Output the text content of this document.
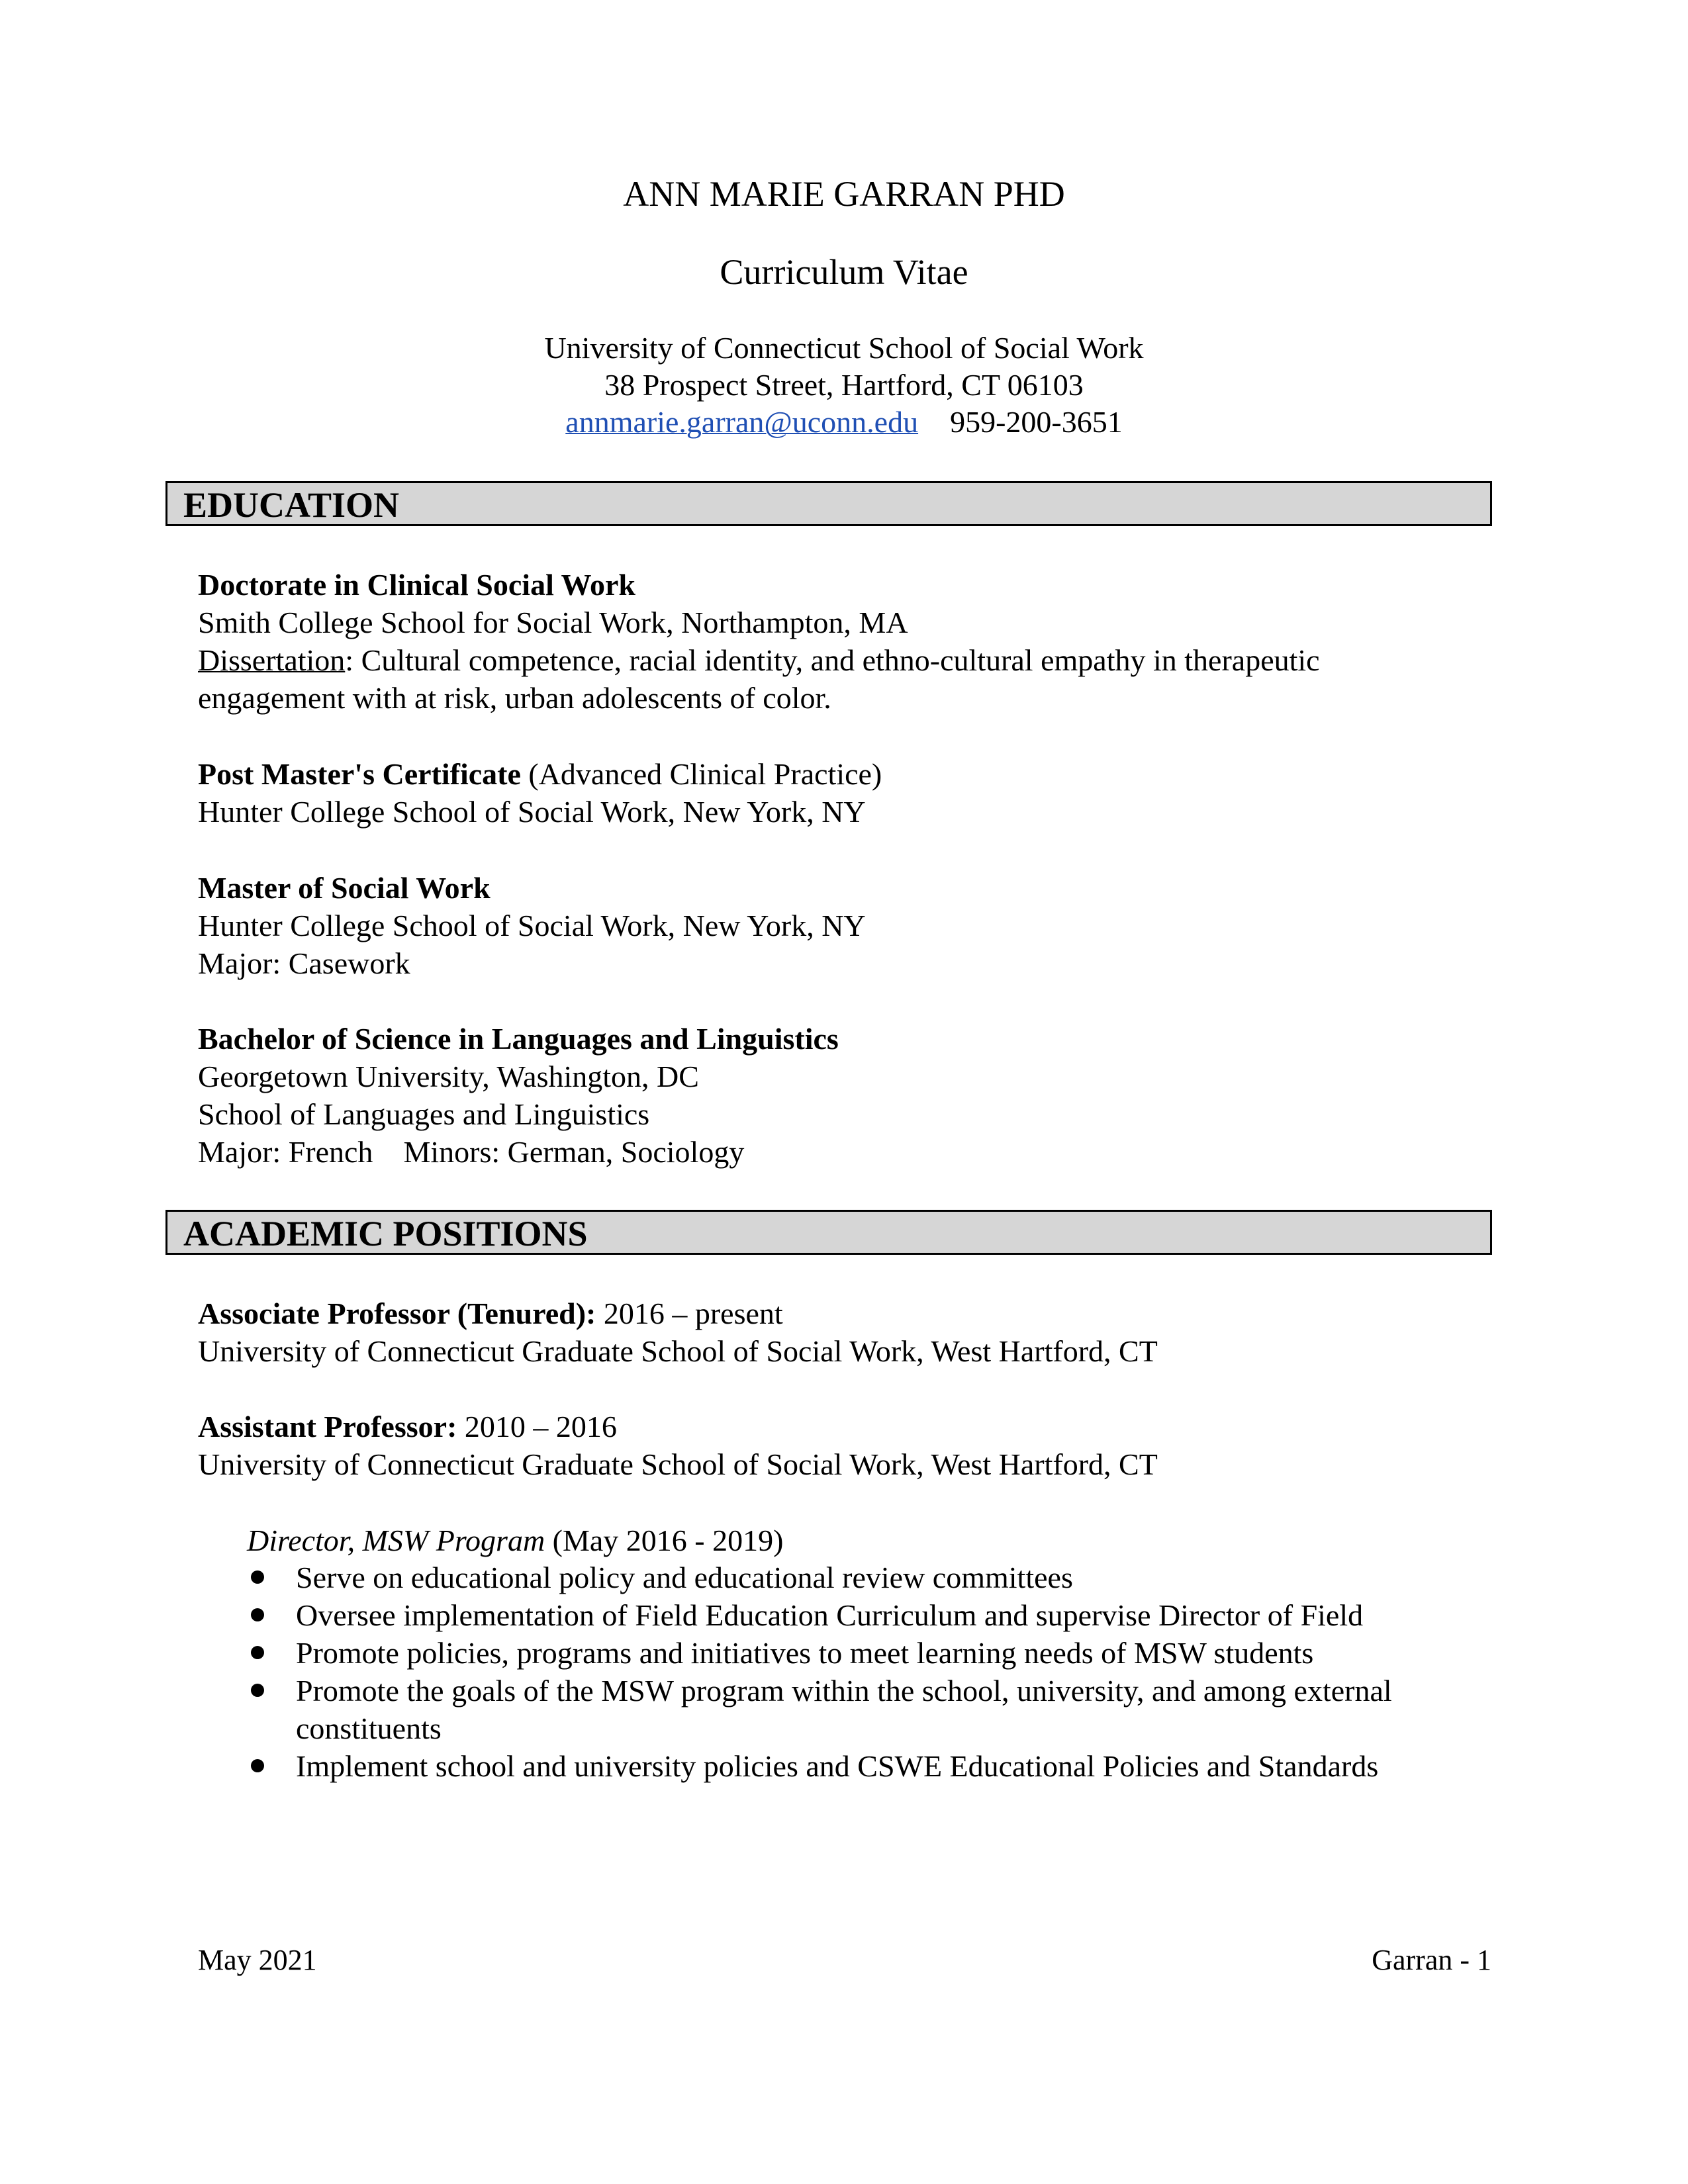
ANN MARIE GARRAN PHD
Curriculum Vitae
University of Connecticut School of Social Work
38 Prospect Street, Hartford, CT 06103
annmarie.garran@uconn.edu 959-200-3651
EDUCATION
Doctorate in Clinical Social Work
Smith College School for Social Work, Northampton, MA
Dissertation: Cultural competence, racial identity, and ethno-cultural empathy in therapeutic
engagement with at risk, urban adolescents of color.
Post Master's Certificate (Advanced Clinical Practice)
Hunter College School of Social Work, New York, NY
Master of Social Work
Hunter College School of Social Work, New York, NY
Major: Casework
Bachelor of Science in Languages and Linguistics
Georgetown University, Washington, DC
School of Languages and Linguistics
Major: French Minors: German, Sociology
ACADEMIC POSITIONS
Associate Professor (Tenured): 2016 – present
University of Connecticut Graduate School of Social Work, West Hartford, CT
Assistant Professor: 2010 – 2016
University of Connecticut Graduate School of Social Work, West Hartford, CT
Director, MSW Program (May 2016 - 2019)
Serve on educational policy and educational review committees
Oversee implementation of Field Education Curriculum and supervise Director of Field
Promote policies, programs and initiatives to meet learning needs of MSW students
Promote the goals of the MSW program within the school, university, and among external constituents
Implement school and university policies and CSWE Educational Policies and Standards
May 2021	Garran - 1
